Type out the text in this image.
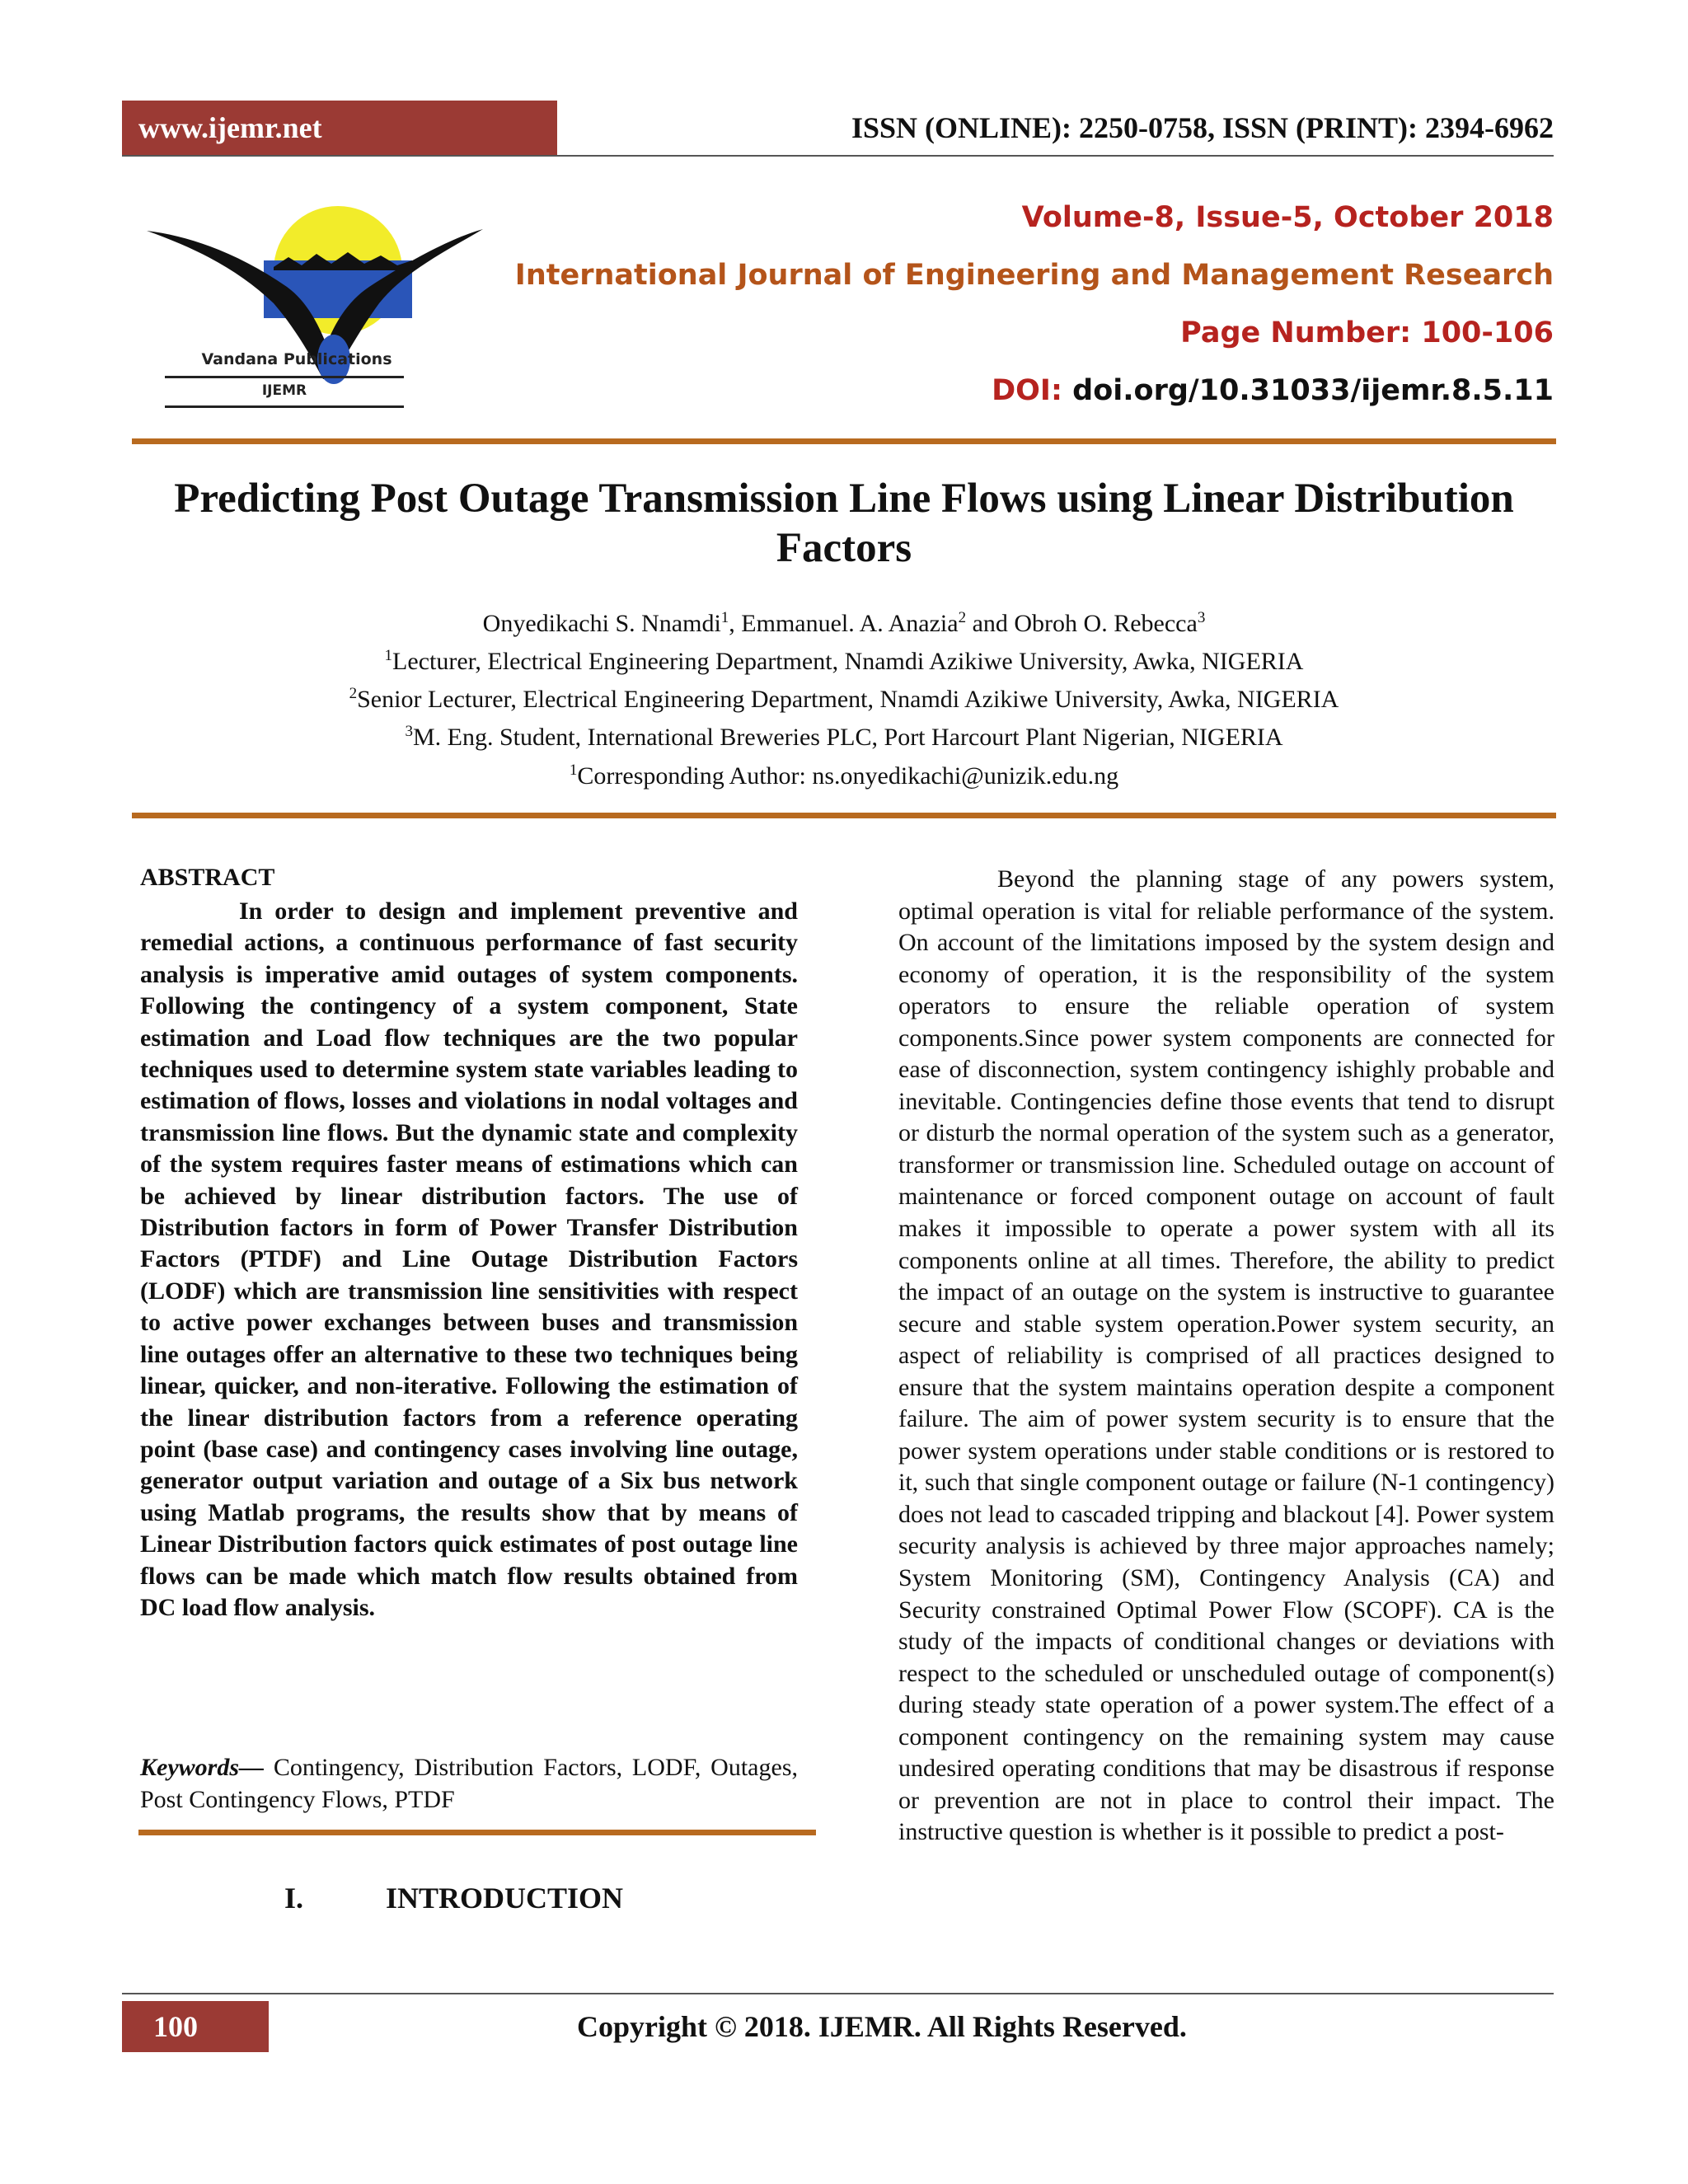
www.ijemr.net	ISSN (ONLINE): 2250-0758, ISSN (PRINT): 2394-6962
Vandana Publications
IJEMR
Volume-8, Issue-5, October 2018
International Journal of Engineering and Management Research
Page Number: 100-106
DOI: doi.org/10.31033/ijemr.8.5.11
Predicting Post Outage Transmission Line Flows using Linear Distribution Factors
Onyedikachi S. Nnamdi$^1$, Emmanuel. A. Anazia$^2$ and Obroh O. Rebecca$^3$
$^1$Lecturer, Electrical Engineering Department, Nnamdi Azikiwe University, Awka, NIGERIA
$^2$Senior Lecturer, Electrical Engineering Department, Nnamdi Azikiwe University, Awka, NIGERIA
$^3$M. Eng. Student, International Breweries PLC, Port Harcourt Plant Nigerian, NIGERIA
$^1$Corresponding Author: ns.onyedikachi@unizik.edu.ng
ABSTRACT

In order to design and implement preventive and remedial actions, a continuous performance of fast security analysis is imperative amid outages of system components. Following the contingency of a system component, State estimation and Load flow techniques are the two popular techniques used to determine system state variables leading to estimation of flows, losses and violations in nodal voltages and transmission line flows. But the dynamic state and complexity of the system requires faster means of estimations which can be achieved by linear distribution factors. The use of Distribution factors in form of Power Transfer Distribution Factors (PTDF) and Line Outage Distribution Factors (LODF) which are transmission line sensitivities with respect to active power exchanges between buses and transmission line outages offer an alternative to these two techniques being linear, quicker, and non-iterative. Following the estimation of the linear distribution factors from a reference operating point (base case) and contingency cases involving line outage, generator output variation and outage of a Six bus network using Matlab programs, the results show that by means of Linear Distribution factors quick estimates of post outage line flows can be made which match flow results obtained from DC load flow analysis.

Keywords— Contingency, Distribution Factors, LODF, Outages, Post Contingency Flows, PTDF

I.	INTRODUCTION

Beyond the planning stage of any powers system, optimal operation is vital for reliable performance of the system. On account of the limitations imposed by the system design and economy of operation, it is the responsibility of the system operators to ensure the reliable operation of system components.Since power system components are connected for ease of disconnection, system contingency ishighly probable and inevitable. Contingencies define those events that tend to disrupt or disturb the normal operation of the system such as a generator, transformer or transmission line. Scheduled outage on account of maintenance or forced component outage on account of fault makes it impossible to operate a power system with all its components online at all times. Therefore, the ability to predict the impact of an outage on the system is instructive to guarantee secure and stable system operation.Power system security, an aspect of reliability is comprised of all practices designed to ensure that the system maintains operation despite a component failure. The aim of power system security is to ensure that the power system operations under stable conditions or is restored to it, such that single component outage or failure (N-1 contingency) does not lead to cascaded tripping and blackout [4]. Power system security analysis is achieved by three major approaches namely; System Monitoring (SM), Contingency Analysis (CA) and Security constrained Optimal Power Flow (SCOPF). CA is the study of the impacts of conditional changes or deviations with respect to the scheduled or unscheduled outage of component(s) during steady state operation of a power system.The effect of a component contingency on the remaining system may cause undesired operating conditions that may be disastrous if response or prevention are not in place to control their impact. The instructive question is whether is it possible to predict a post-

100	Copyright © 2018. IJEMR. All Rights Reserved.
